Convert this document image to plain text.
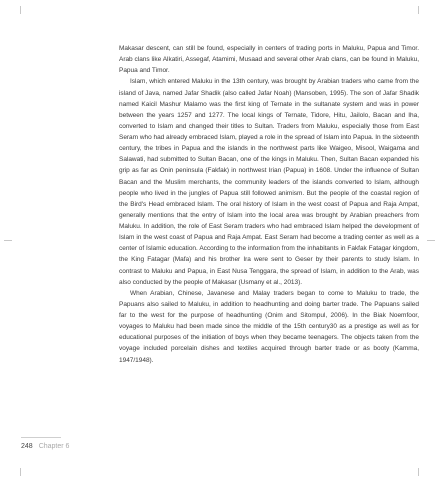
Makasar descent, can still be found, especially in centers of trading ports in Maluku, Papua and Timor. Arab clans like Alkatiri, Assegaf, Atamimi, Musaad and several other Arab clans, can be found in Maluku, Papua and Timor.

Islam, which entered Maluku in the 13th century, was brought by Arabian traders who came from the island of Java, named Jafar Shadik (also called Jafar Noah) (Mansoben, 1995). The son of Jafar Shadik named Kaicil Mashur Malamo was the first king of Ternate in the sultanate system and was in power between the years 1257 and 1277. The local kings of Ternate, Tidore, Hitu, Jailolo, Bacan and Iha, converted to Islam and changed their titles to Sultan. Traders from Maluku, especially those from East Seram who had already embraced Islam, played a role in the spread of Islam into Papua. In the sixteenth century, the tribes in Papua and the islands in the northwest parts like Waigeo, Misool, Waigama and Salawati, had submitted to Sultan Bacan, one of the kings in Maluku. Then, Sultan Bacan expanded his grip as far as Onin peninsula (Fakfak) in northwest Irian (Papua) in 1608. Under the influence of Sultan Bacan and the Muslim merchants, the community leaders of the islands converted to Islam, although people who lived in the jungles of Papua still followed animism. But the people of the coastal region of the Bird's Head embraced Islam. The oral history of Islam in the west coast of Papua and Raja Ampat, generally mentions that the entry of Islam into the local area was brought by Arabian preachers from Maluku. In addition, the role of East Seram traders who had embraced Islam helped the development of Islam in the west coast of Papua and Raja Ampat. East Seram had become a trading center as well as a center of Islamic education. According to the information from the inhabitants in Fakfak Fatagar kingdom, the King Fatagar (Mafa) and his brother Ira were sent to Geser by their parents to study Islam. In contrast to Maluku and Papua, in East Nusa Tenggara, the spread of Islam, in addition to the Arab, was also conducted by the people of Makasar (Usmany et al., 2013).

When Arabian, Chinese, Javanese and Malay traders began to come to Maluku to trade, the Papuans also sailed to Maluku, in addition to headhunting and doing barter trade. The Papuans sailed far to the west for the purpose of headhunting (Onim and Sitompul, 2006). In the Biak Noemfoor, voyages to Maluku had been made since the middle of the 15th century30 as a prestige as well as for educational purposes of the initiation of boys when they became teenagers. The objects taken from the voyage included porcelain dishes and textiles acquired through barter trade or as booty (Kamma, 1947/1948).

248 Chapter 6
